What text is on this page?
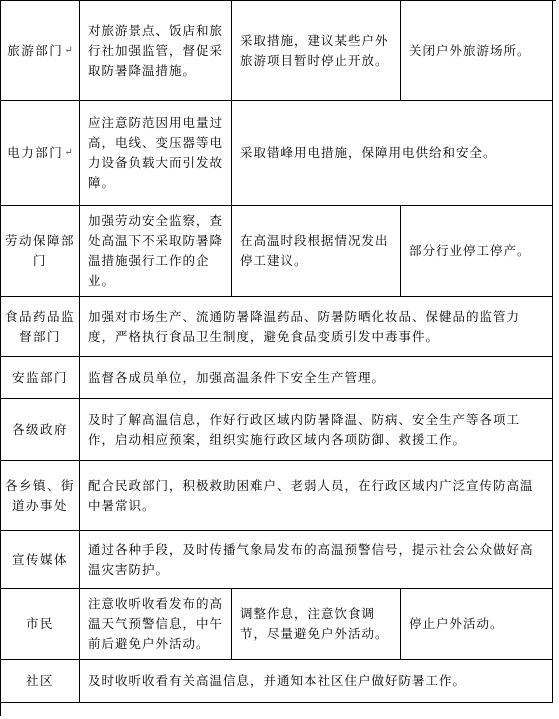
旅游部门 ↵
对旅游景点、饭店和旅行社加强监管，督促采取防暑降温措施。
采取措施，建议某些户外旅游项目暂时停止开放。
关闭户外旅游场所。
电力部门 ↵
应注意防范因用电量过高，电线、变压器等电力设备负载大而引发故障。
采取错峰用电措施，保障用电供给和安全。
劳动保障部门
加强劳动安全监察，查处高温下不采取防暑降温措施强行工作的企业。
在高温时段根据情况发出停工建议。
部分行业停工停产。
食品药品监督部门
加强对市场生产、流通防暑降温药品、防暑防晒化妆品、保健品的监管力度，严格执行食品卫生制度，避免食品变质引发中毒事件。
安监部门 监督各成员单位，加强高温条件下安全生产管理。
各级政府
及时了解高温信息，作好行政区域内防暑降温、防病、安全生产等各项工作，启动相应预案，组织实施行政区域内各项防御、救援工作。
各乡镇、街道办事处
配合民政部门，积极救助困难户、老弱人员，在行政区域内广泛宣传防高温中暑常识。
宣传媒体
通过各种手段，及时传播气象局发布的高温预警信号，提示社会公众做好高温灾害防护。
市民
注意收听收看发布的高温天气预警信息，中午前后避免户外活动。
调整作息，注意饮食调节，尽量避免户外活动。
停止户外活动。
社区	及时收听收看有关高温信息，并通知本社区住户做好防暑工作。
